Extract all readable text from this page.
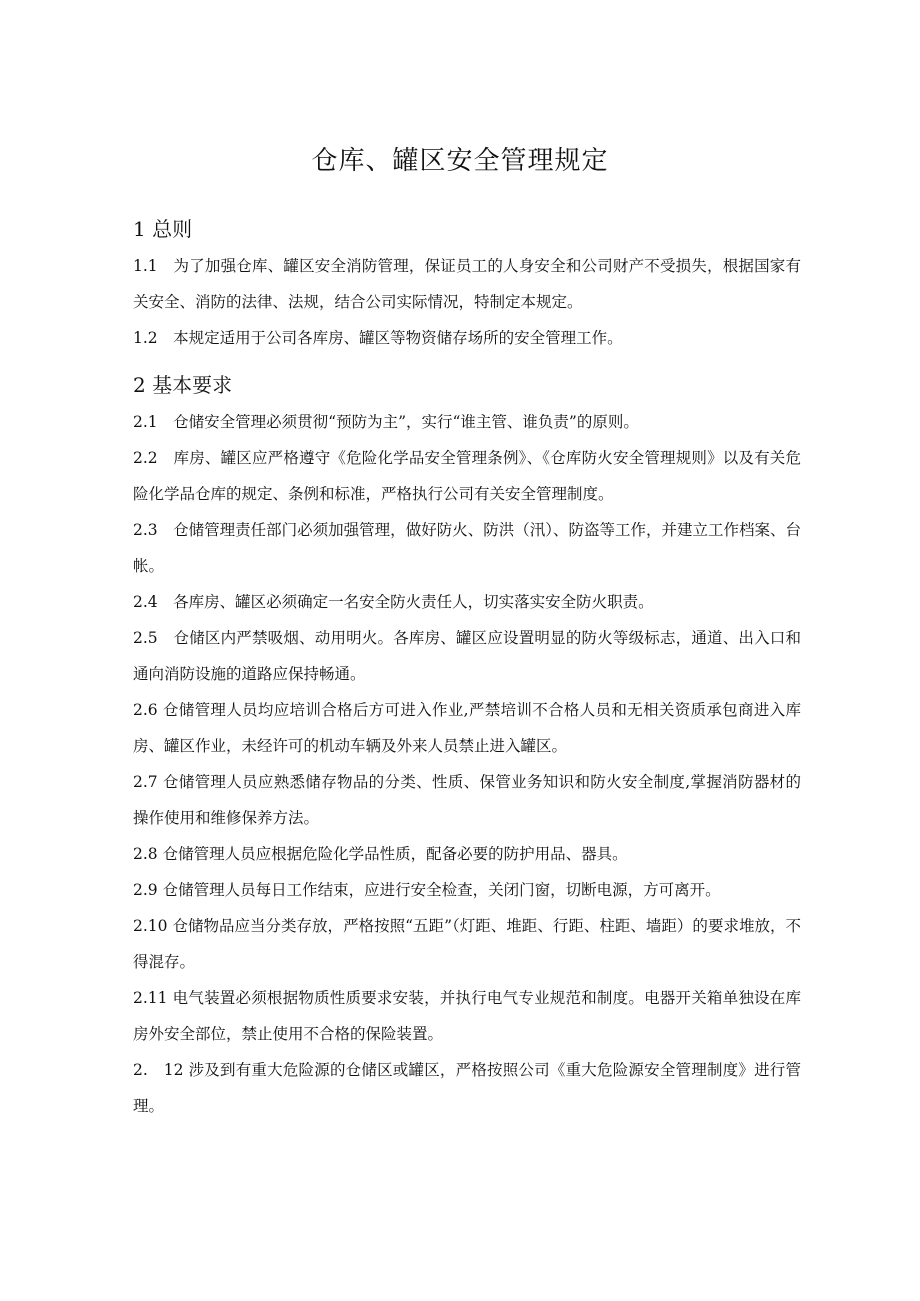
仓库、罐区安全管理规定
1 总则

1.1　为了加强仓库、罐区安全消防管理，保证员工的人身安全和公司财产不受损失，根据国家有关安全、消防的法律、法规，结合公司实际情况，特制定本规定。

1.2　本规定适用于公司各库房、罐区等物资储存场所的安全管理工作。

2 基本要求

2.1　仓储安全管理必须贯彻“预防为主”，实行“谁主管、谁负责”的原则。

2.2　库房、罐区应严格遵守《危险化学品安全管理条例》、《仓库防火安全管理规则》以及有关危险化学品仓库的规定、条例和标准，严格执行公司有关安全管理制度。

2.3　仓储管理责任部门必须加强管理，做好防火、防洪（汛）、防盗等工作，并建立工作档案、台帐。

2.4　各库房、罐区必须确定一名安全防火责任人，切实落实安全防火职责。

2.5　仓储区内严禁吸烟、动用明火。各库房、罐区应设置明显的防火等级标志，通道、出入口和通向消防设施的道路应保持畅通。

2.6 仓储管理人员均应培训合格后方可进入作业,严禁培训不合格人员和无相关资质承包商进入库房、罐区作业，未经许可的机动车辆及外来人员禁止进入罐区。

2.7 仓储管理人员应熟悉储存物品的分类、性质、保管业务知识和防火安全制度,掌握消防器材的操作使用和维修保养方法。

2.8 仓储管理人员应根据危险化学品性质，配备必要的防护用品、器具。

2.9 仓储管理人员每日工作结束，应进行安全检查，关闭门窗，切断电源，方可离开。

2.10 仓储物品应当分类存放，严格按照“五距”（灯距、堆距、行距、柱距、墙距）的要求堆放，不得混存。

2.11 电气装置必须根据物质性质要求安装，并执行电气专业规范和制度。电器开关箱单独设在库房外安全部位，禁止使用不合格的保险装置。

2.　12 涉及到有重大危险源的仓储区或罐区，严格按照公司《重大危险源安全管理制度》进行管理。
